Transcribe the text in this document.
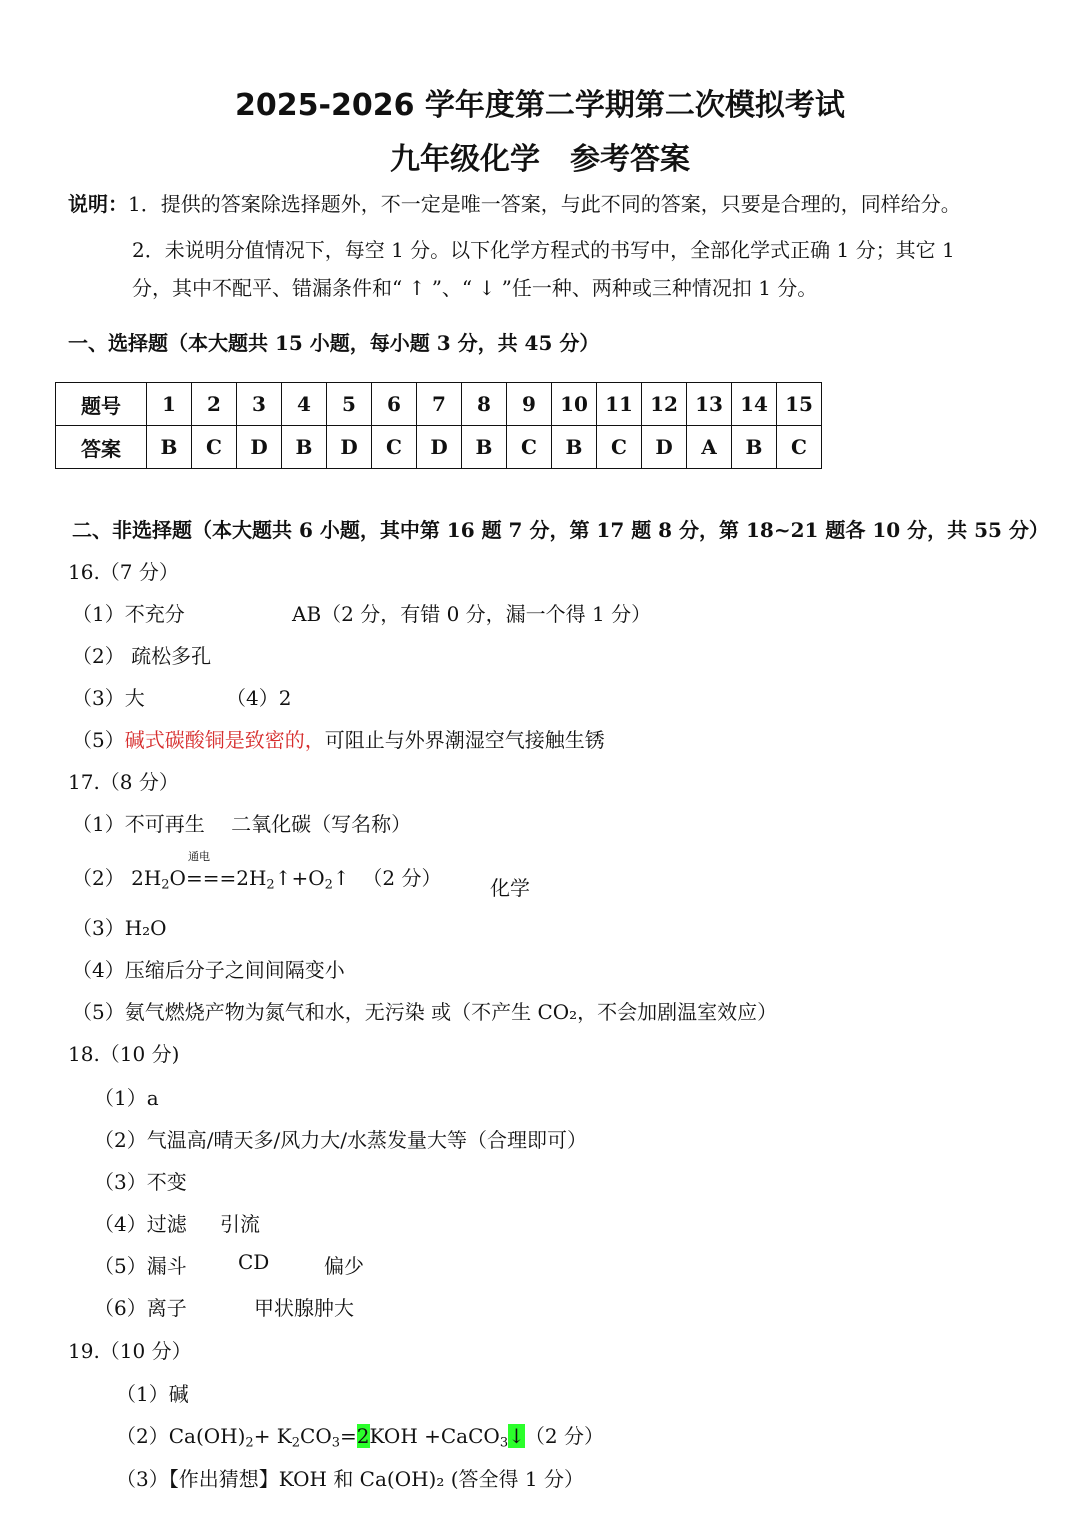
2025-2026 学年度第二学期第二次模拟考试
九年级化学　参考答案
说明：1．提供的答案除选择题外，不一定是唯一答案，与此不同的答案，只要是合理的，同样给分。
2．未说明分值情况下，每空 1 分。以下化学方程式的书写中，全部化学式正确 1 分；其它 1
分，其中不配平、错漏条件和“ ↑ ”、“ ↓ ”任一种、两种或三种情况扣 1 分。
一、选择题（本大题共 15 小题，每小题 3 分，共 45 分）
题号	1	2	3	4	5	6	7	8	9	10	11	12	13	14	15
答案	B	C	D	B	D	C	D	B	C	B	C	D	A	B	C
二、非选择题（本大题共 6 小题，其中第 16 题 7 分，第 17 题 8 分，第 18~21 题各 10 分，共 55 分）
16.（7 分）
（1）不充分	AB（2 分，有错 0 分，漏一个得 1 分）
（2） 疏松多孔
（3）大	（4）2
（5）碱式碳酸铜是致密的，可阻止与外界潮湿空气接触生锈
17.（8 分）
（1）不可再生　 二氧化碳（写名称）
（2） $2H_2O$
通电
$===2H_2↑+O_2↑$ （2 分） 化学
（3）H₂O
（4）压缩后分子之间间隔变小
（5）氨气燃烧产物为氮气和水，无污染 或（不产生 CO₂，不会加剧温室效应）
18.（10 分)
（1）a
（2）气温高/晴天多/风力大/水蒸发量大等（合理即可）
（3）不变
（4）过滤 引流
（5）漏斗	CD	偏少
（6）离子	甲状腺肿大
19.（10 分）
（1）碱
$(2)Ca(OH)_2+ K_2CO_3=2KOH$ +CaCO$_3$↓（2 分）
（3）【作出猜想】KOH 和 Ca(OH)₂ (答全得 1 分）
